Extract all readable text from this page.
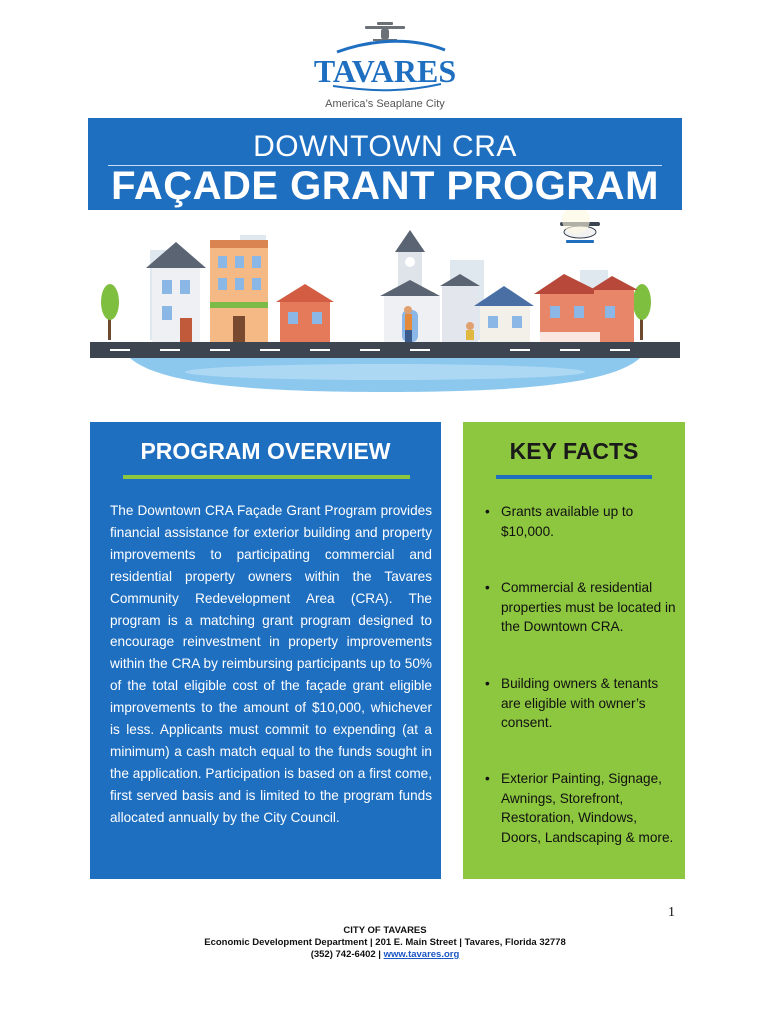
TAVARES
America’s Seaplane City
DOWNTOWN CRA
FAÇADE GRANT PROGRAM
PROGRAM OVERVIEW

The Downtown CRA Façade Grant Program provides financial assistance for exterior building and property improvements to participating commercial and residential property owners within the Tavares Community Redevelopment Area (CRA). The program is a matching grant program designed to encourage reinvestment in property improvements within the CRA by reimbursing participants up to 50% of the total eligible cost of the façade grant eligible improvements to the amount of $10,000, whichever is less. Applicants must commit to expending (at a minimum) a cash match equal to the funds sought in the application. Participation is based on a first come, first served basis and is limited to the program funds allocated annually by the City Council.

KEY FACTS
• Grants available up to $10,000.
• Commercial & residential properties must be located in the Downtown CRA.
• Building owners & tenants are eligible with owner’s consent.
• Exterior Painting, Signage, Awnings, Storefront, Restoration, Windows, Doors, Landscaping & more.
1
CITY OF TAVARES
Economic Development Department | 201 E. Main Street | Tavares, Florida 32778
(352) 742-6402 | www.tavares.org
